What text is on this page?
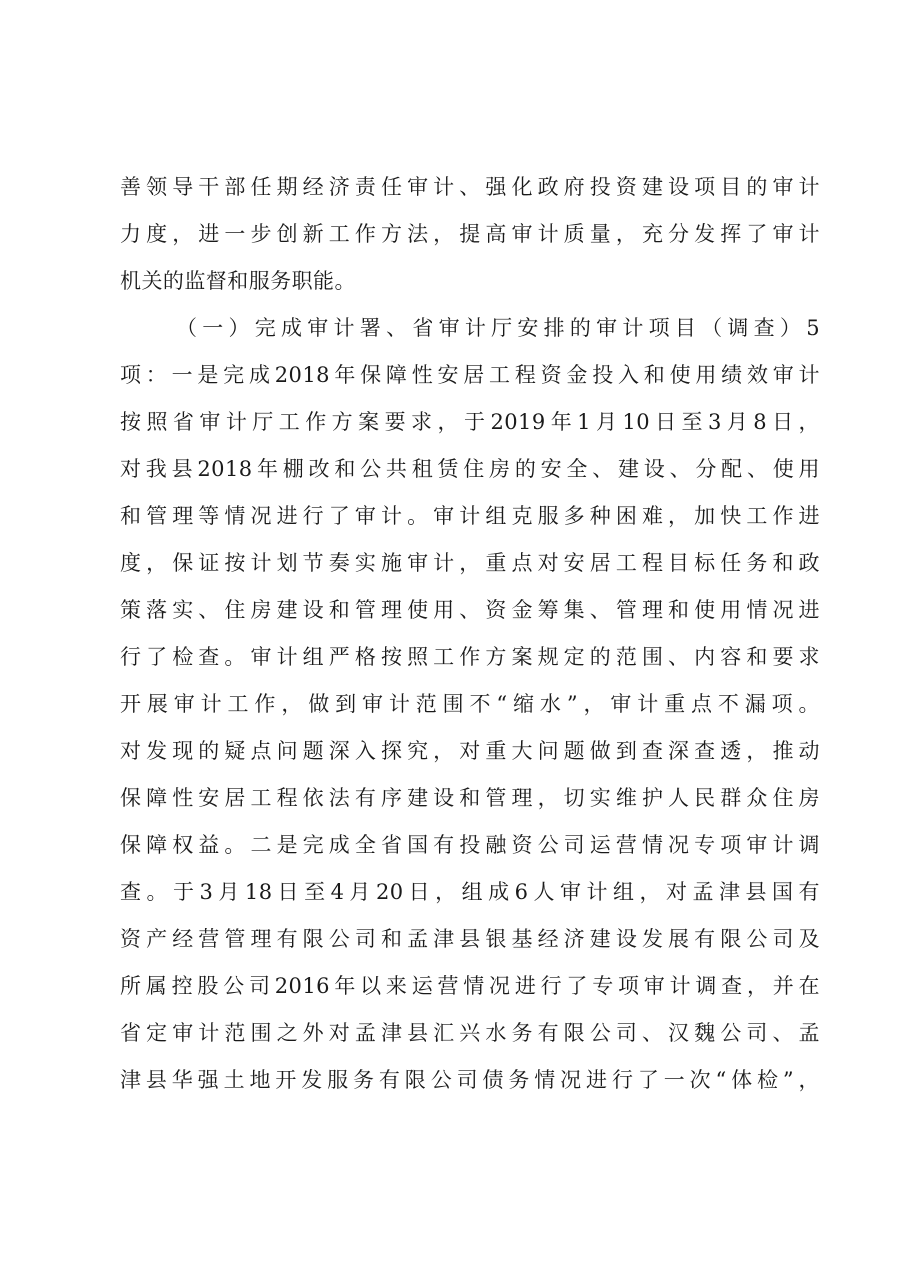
善领导干部任期经济责任审计、强化政府投资建设项目的审计
力度，进一步创新工作方法，提高审计质量，充分发挥了审计
机关的监督和服务职能。
（一）完成审计署、省审计厅安排的审计项目（调查）5
项：一是完成2018年保障性安居工程资金投入和使用绩效审计
按照省审计厅工作方案要求，于2019年1月10日至3月8日，
对我县2018年棚改和公共租赁住房的安全、建设、分配、使用
和管理等情况进行了审计。审计组克服多种困难，加快工作进
度，保证按计划节奏实施审计，重点对安居工程目标任务和政
策落实、住房建设和管理使用、资金筹集、管理和使用情况进
行了检查。审计组严格按照工作方案规定的范围、内容和要求
开展审计工作，做到审计范围不“缩水”，审计重点不漏项。
对发现的疑点问题深入探究，对重大问题做到查深查透，推动
保障性安居工程依法有序建设和管理，切实维护人民群众住房
保障权益。二是完成全省国有投融资公司运营情况专项审计调
查。于3月18日至4月20日，组成6人审计组，对孟津县国有
资产经营管理有限公司和孟津县银基经济建设发展有限公司及
所属控股公司2016年以来运营情况进行了专项审计调查，并在
省定审计范围之外对孟津县汇兴水务有限公司、汉魏公司、孟
津县华强土地开发服务有限公司债务情况进行了一次“体检”，
